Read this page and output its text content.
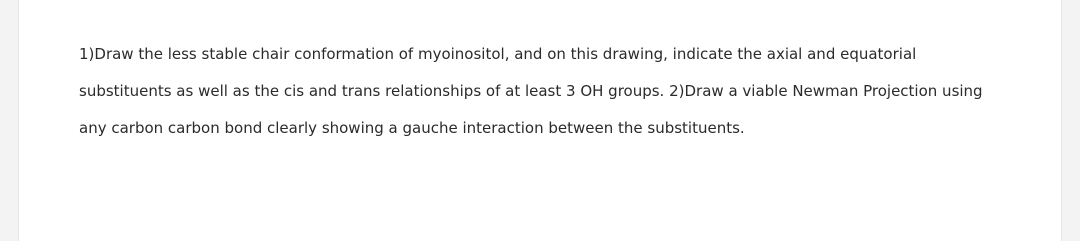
1)Draw the less stable chair conformation of myoinositol, and on this drawing, indicate the axial and equatorial
substituents as well as the cis and trans relationships of at least 3 OH groups. 2)Draw a viable Newman Projection using
any carbon carbon bond clearly showing a gauche interaction between the substituents.
